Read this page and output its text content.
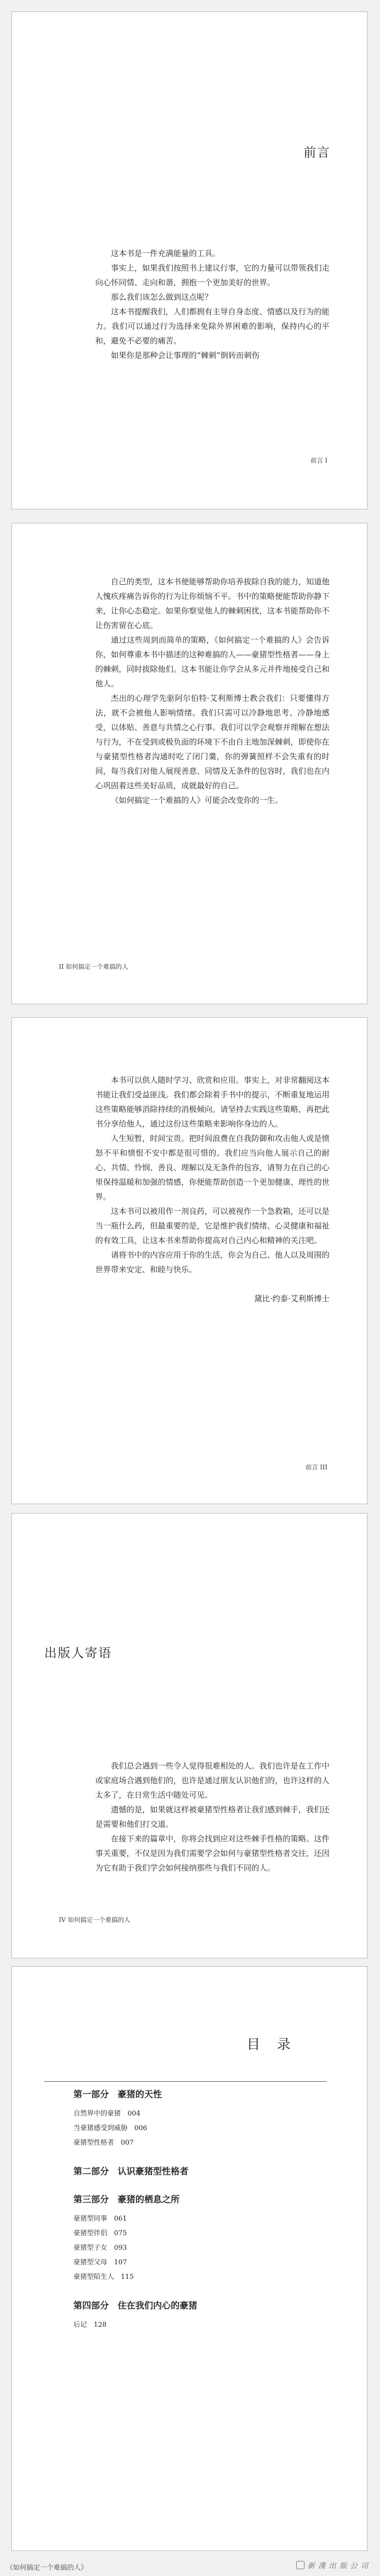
前言

这本书是一件充满能量的工具。

事实上，如果我们按照书上建议行事，它的力量可以带领我们走向心怀同情、走向和谐，拥抱一个更加美好的世界。

那么我们该怎么做到这点呢？

这本书提醒我们，人们都拥有主导自身态度、情感以及行为的能力。我们可以通过行为选择来免除外界困难的影响，保持内心的平和，避免不必要的痛苦。

如果你是那种会让事理的“棘刺”倒转而刺伤

前言 I

自己的类型，这本书便能够帮助你培养拔除自我的能力，知道他人愧疚疼痛告诉你的行为让你烦恼不平。书中的策略便能帮助你静下来，让你心态稳定。如果你察觉他人的棘刺困扰，这本书能帮助你不让伤害留在心底。

通过这些周到而简单的策略，《如何搞定一个难搞的人》会告诉你，如何尊重本书中描述的这种难搞的人——豪猪型性格者——身上的棘刺，同时拔除他们。这本书能让你学会从多元并件地接受自己和他人。

杰出的心理学先驱阿尔伯特·艾利斯博士教会我们：只要懂得方法，就不会被他人影响情绪。我们只需可以冷静地思考、冷静地感受，以体贴、善意与共情之心行事。我们可以学会观察并理解在想法与行为，不在受到或极负面的环境下不由自主地加深棘刺，即使你在与豪猪型性格者沟通时吃了闭门羹，你的弹簧照样不会失重有的时间，每当我们对他人展现善意、同情及无条件的包容时，我们也在内心巩固着这些美好品质，成就最好的自己。

《如何搞定一个难搞的人》可能会改变你的一生。

II 如何搞定一个难搞的人

本书可以供人随时学习、欣赏和应用。事实上，对非常翻阅这本书能让我们受益匪浅。我们都会除着手书中的提示，不断重复地运用这些策略能够消除持续的消极倾向。请坚持去实践这些策略，再把此书分享给他人，通过这份这些策略来影响你身边的人。

人生短暂，时间宝贵。把时间浪费在自我防御和攻击他人或是愤怒不平和愤恨不安中都是很可惜的。我们应当向他人展示自己的耐心、共情、怜悯、善良、理解以及无条件的包容，请努力在自己的心里保持温暖和加强的情感，你便能帮助创造一个更加健康、理性的世界。

这本书可以被用作一剂良药，可以被视作一个急救箱，还可以是当一瓶什么药，但最重要的是，它是维护我们情绪、心灵健康和福祉的有效工具，让这本书来帮助你提高对自己内心和精神的关注吧。

请将书中的内容应用于你的生活，你会为自己、他人以及周围的世界带来安定、和睦与快乐。

黛比·约泰·艾利斯博士

前言 III
出版人寄语

我们总会遇到一些令人觉得很难相处的人。我们也许是在工作中或家庭场合遇到他们的，也许是通过朋友认识他们的，也许这样的人太多了，在日常生活中随处可见。

遗憾的是，如果就这样被豪猪型性格者让我们感到棘手，我们还是需要和他们打交道。

在接下来的篇章中，你将会找到应对这些棘手性格的策略。这件事关重要，不仅是因为我们需要学会如何与豪猪型性格者交往，还因为它有助于我们学会如何接纳那些与我们不同的人。

IV 如何搞定一个难搞的人
目 录

第一部分　豪猪的天性

自然界中的豪猪　004

当豪猪感受到威胁　006

豪猪型性格者　007

第二部分　认识豪猪型性格者

第三部分　豪猪的栖息之所

豪猪型同事　061

豪猪型伴侣　075

豪猪型子女　093

豪猪型父母　107

豪猪型陌生人　115

第四部分　住在我们内心的豪猪

后记　128

《如何搞定一个难搞的人》	新 漢 出 版 公 司
